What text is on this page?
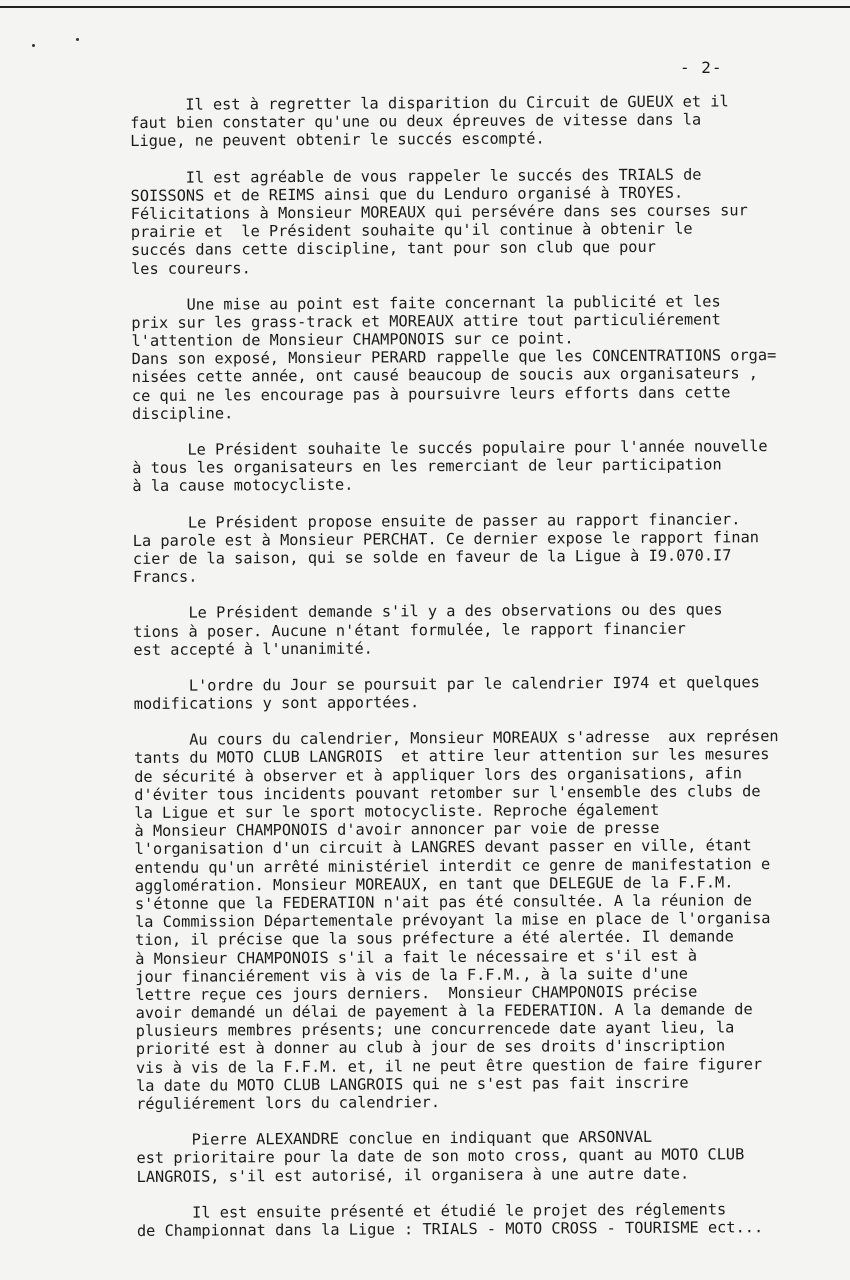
- 2-
Il est à regretter la disparition du Circuit de GUEUX et il
faut bien constater qu'une ou deux épreuves de vitesse dans la
Ligue, ne peuvent obtenir le succés escompté.
Il est agréable de vous rappeler le succés des TRIALS de
SOISSONS et de REIMS ainsi que du Lenduro organisé à TROYES.
Félicitations à Monsieur MOREAUX qui persévére dans ses courses sur
prairie et  le Président souhaite qu'il continue à obtenir le
succés dans cette discipline, tant pour son club que pour
les coureurs.
Une mise au point est faite concernant la publicité et les
prix sur les grass-track et MOREAUX attire tout particuliérement
l'attention de Monsieur CHAMPONOIS sur ce point.
Dans son exposé, Monsieur PERARD rappelle que les CONCENTRATIONS orga=
nisées cette année, ont causé beaucoup de soucis aux organisateurs ,
ce qui ne les encourage pas à poursuivre leurs efforts dans cette
discipline.
Le Président souhaite le succés populaire pour l'année nouvelle
à tous les organisateurs en les remerciant de leur participation
à la cause motocycliste.
Le Président propose ensuite de passer au rapport financier.
La parole est à Monsieur PERCHAT. Ce dernier expose le rapport finan
cier de la saison, qui se solde en faveur de la Ligue à I9.070.I7
Francs.
Le Président demande s'il y a des observations ou des ques
tions à poser. Aucune n'étant formulée, le rapport financier
est accepté à l'unanimité.
L'ordre du Jour se poursuit par le calendrier I974 et quelques
modifications y sont apportées.
Au cours du calendrier, Monsieur MOREAUX s'adresse  aux représen
tants du MOTO CLUB LANGROIS  et attire leur attention sur les mesures
de sécurité à observer et à appliquer lors des organisations, afin
d'éviter tous incidents pouvant retomber sur l'ensemble des clubs de
la Ligue et sur le sport motocycliste. Reproche également
à Monsieur CHAMPONOIS d'avoir annoncer par voie de presse
l'organisation d'un circuit à LANGRES devant passer en ville, étant
entendu qu'un arrêté ministériel interdit ce genre de manifestation e
agglomération. Monsieur MOREAUX, en tant que DELEGUE de la F.F.M.
s'étonne que la FEDERATION n'ait pas été consultée. A la réunion de
la Commission Départementale prévoyant la mise en place de l'organisa
tion, il précise que la sous préfecture a été alertée. Il demande
à Monsieur CHAMPONOIS s'il a fait le nécessaire et s'il est à
jour financiérement vis à vis de la F.F.M., à la suite d'une
lettre reçue ces jours derniers.  Monsieur CHAMPONOIS précise
avoir demandé un délai de payement à la FEDERATION. A la demande de
plusieurs membres présents; une concurrencede date ayant lieu, la
priorité est à donner au club à jour de ses droits d'inscription
vis à vis de la F.F.M. et, il ne peut être question de faire figurer
la date du MOTO CLUB LANGROIS qui ne s'est pas fait inscrire
réguliérement lors du calendrier.
Pierre ALEXANDRE conclue en indiquant que ARSONVAL
est prioritaire pour la date de son moto cross, quant au MOTO CLUB
LANGROIS, s'il est autorisé, il organisera à une autre date.
Il est ensuite présenté et étudié le projet des réglements
de Championnat dans la Ligue : TRIALS - MOTO CROSS - TOURISME ect...
